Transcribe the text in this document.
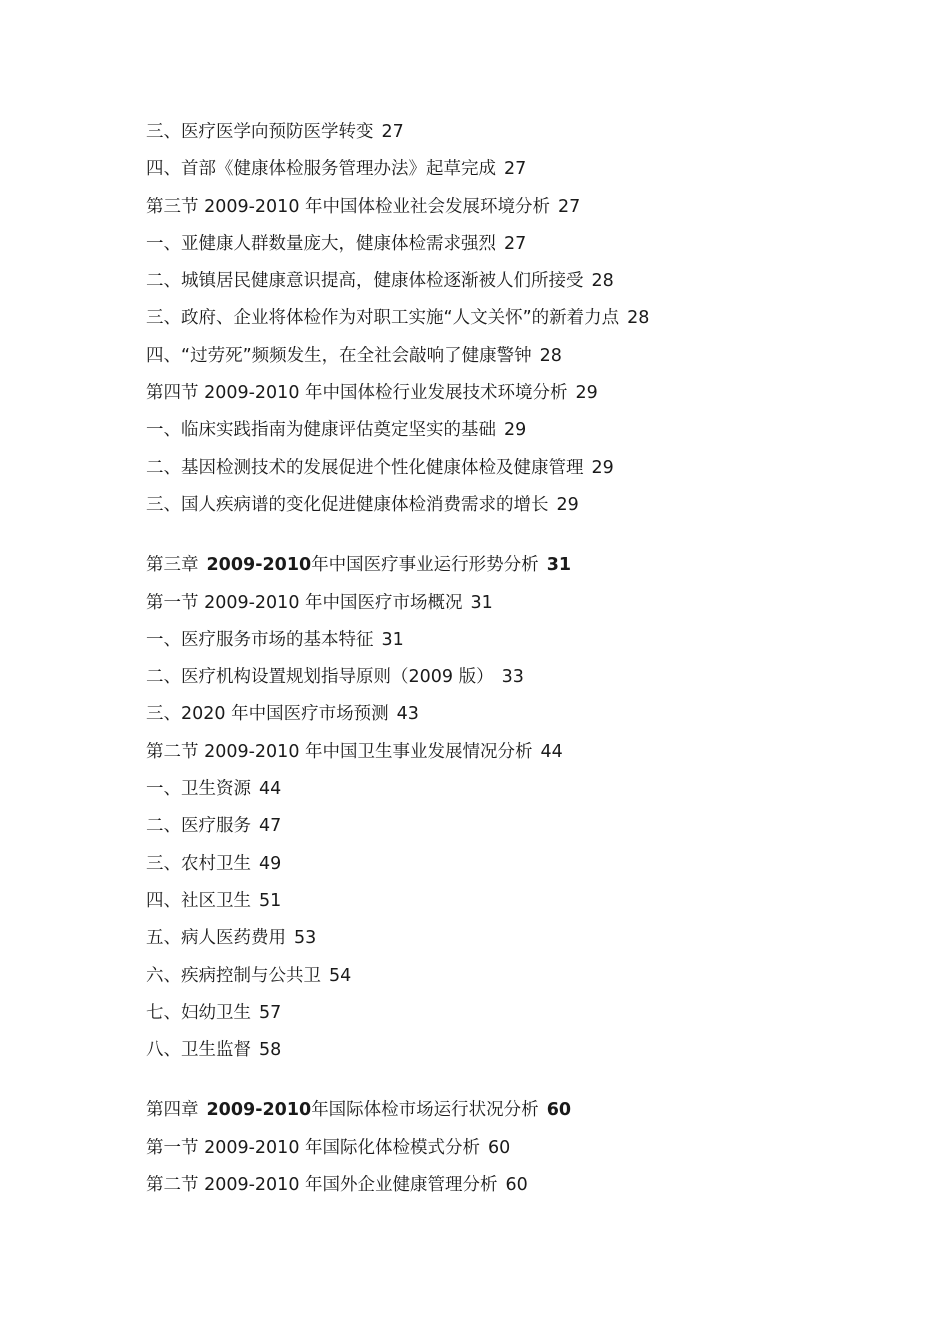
三、医疗医学向预防医学转变 27
四、首部《健康体检服务管理办法》起草完成 27
第三节 2009-2010 年中国体检业社会发展环境分析 27
一、亚健康人群数量庞大，健康体检需求强烈 27
二、城镇居民健康意识提高，健康体检逐渐被人们所接受 28
三、政府、企业将体检作为对职工实施“人文关怀”的新着力点 28
四、“过劳死”频频发生，在全社会敲响了健康警钟 28
第四节 2009-2010 年中国体检行业发展技术环境分析 29
一、临床实践指南为健康评估奠定坚实的基础 29
二、基因检测技术的发展促进个性化健康体检及健康管理 29
三、国人疾病谱的变化促进健康体检消费需求的增长 29
第三章 2009-2010年中国医疗事业运行形势分析 31
第一节 2009-2010 年中国医疗市场概况 31
一、医疗服务市场的基本特征 31
二、医疗机构设置规划指导原则（2009 版） 33
三、2020 年中国医疗市场预测 43
第二节 2009-2010 年中国卫生事业发展情况分析 44
一、卫生资源 44
二、医疗服务 47
三、农村卫生 49
四、社区卫生 51
五、病人医药费用 53
六、疾病控制与公共卫 54
七、妇幼卫生 57
八、卫生监督 58
第四章 2009-2010年国际体检市场运行状况分析 60
第一节 2009-2010 年国际化体检模式分析 60
第二节 2009-2010 年国外企业健康管理分析 60
